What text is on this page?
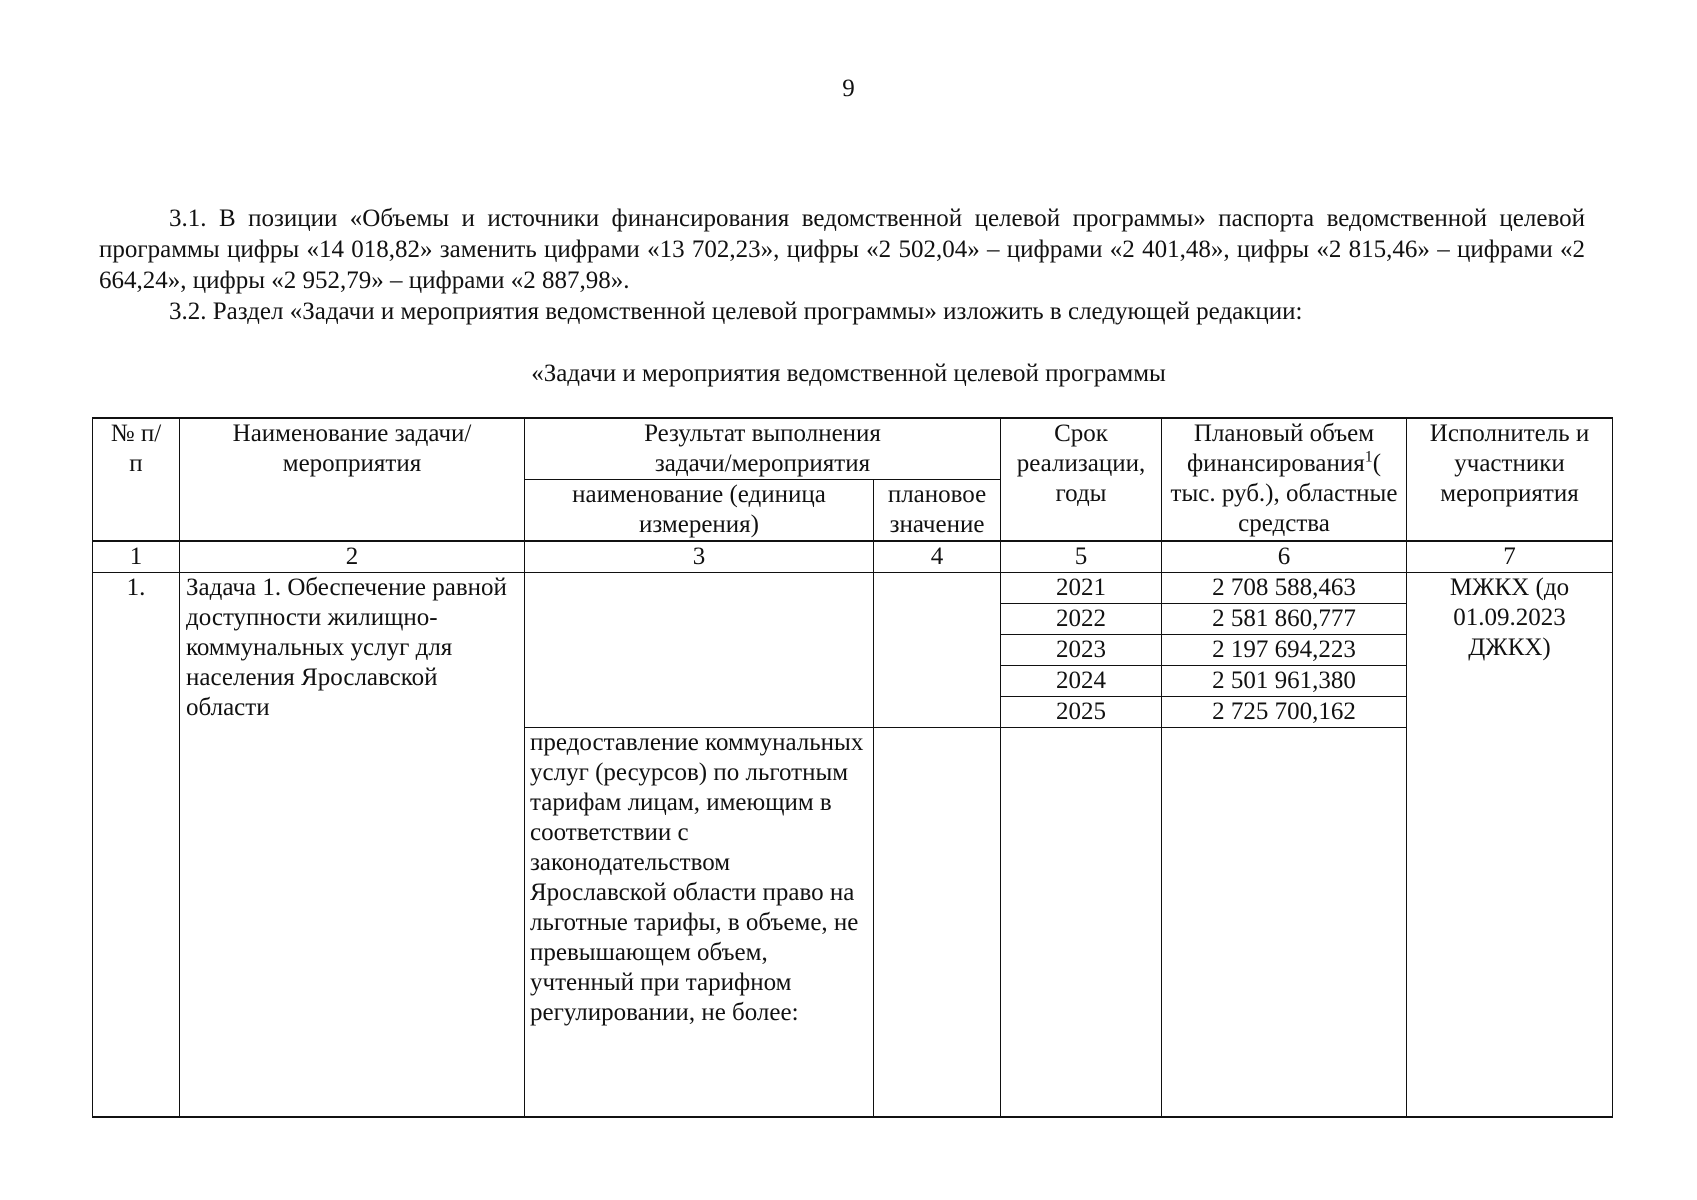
9

3.1. В позиции «Объемы и источники финансирования ведомственной целевой программы» паспорта ведомственной целевой программы цифры «14 018,82» заменить цифрами «13 702,23», цифры «2 502,04» – цифрами «2 401,48», цифры «2 815,46» – цифрами «2 664,24», цифры «2 952,79» – цифрами «2 887,98».

3.2. Раздел «Задачи и мероприятия ведомственной целевой программы» изложить в следующей редакции:

«Задачи и мероприятия ведомственной целевой программы
№ п/п	Наименование задачи/мероприятия	Результат выполнения задачи/мероприятия		Срок реализации, годы	Плановый объем финансирования$^1$( тыс. руб.), областные средства	Исполнитель и участники мероприятия
		наименование (единица измерения)	плановое значение			
1	2	3	4	5	6	7
1.	Задача 1. Обеспечение равной доступности жилищно-коммунальных услуг для населения Ярославской области			2021	2 708 588,463	МЖКХ (до 01.09.2023 ДЖКХ)
				2022	2 581 860,777	
				2023	2 197 694,223	
				2024	2 501 961,380	
				2025	2 725 700,162	
		предоставление коммунальных услуг (ресурсов) по льготным тарифам лицам, имеющим в соответствии с законодательством Ярославской области право на льготные тарифы, в объеме, не превышающем объем, учтенный при тарифном регулировании, не более:				
